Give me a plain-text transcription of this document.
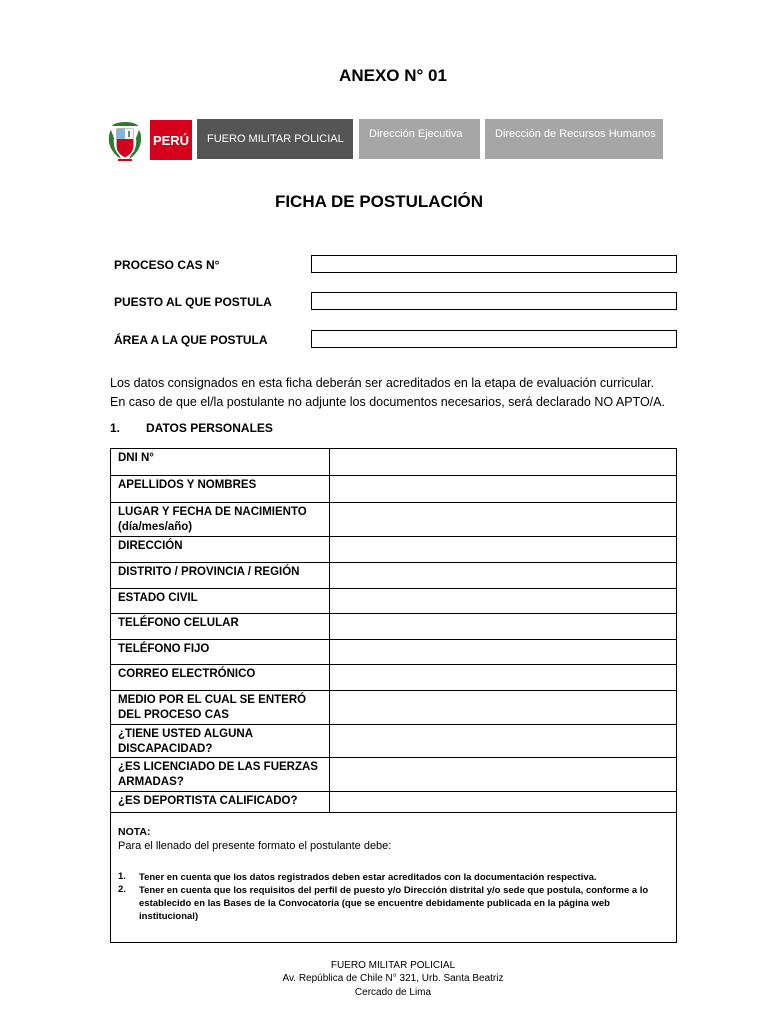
ANEXO N° 01
PERÚ	FUERO MILITAR POLICIAL	Dirección Ejecutiva	Dirección de Recursos Humanos
FICHA DE POSTULACIÓN
PROCESO CAS N°
PUESTO AL QUE POSTULA
ÁREA A LA QUE POSTULA
Los datos consignados en esta ficha deberán ser acreditados en la etapa de evaluación curricular.
En caso de que el/la postulante no adjunte los documentos necesarios, será declarado NO APTO/A.
1. DATOS PERSONALES
DNI N°
APELLIDOS Y NOMBRES
LUGAR Y FECHA DE NACIMIENTO (día/mes/año)
DIRECCIÓN
DISTRITO / PROVINCIA / REGIÓN
ESTADO CIVIL
TELÉFONO CELULAR
TELÉFONO FIJO
CORREO ELECTRÓNICO
MEDIO POR EL CUAL SE ENTERÓ DEL PROCESO CAS
¿TIENE USTED ALGUNA DISCAPACIDAD?
¿ES LICENCIADO DE LAS FUERZAS ARMADAS?
¿ES DEPORTISTA CALIFICADO?
NOTA:
Para el llenado del presente formato el postulante debe:
1. Tener en cuenta que los datos registrados deben estar acreditados con la documentación respectiva.
2. Tener en cuenta que los requisitos del perfil de puesto y/o Dirección distrital y/o sede que postula, conforme a lo establecido en las Bases de la Convocatoria (que se encuentre debidamente publicada en la página web institucional)
FUERO MILITAR POLICIAL
Av. República de Chile N° 321, Urb. Santa Beatriz
Cercado de Lima
